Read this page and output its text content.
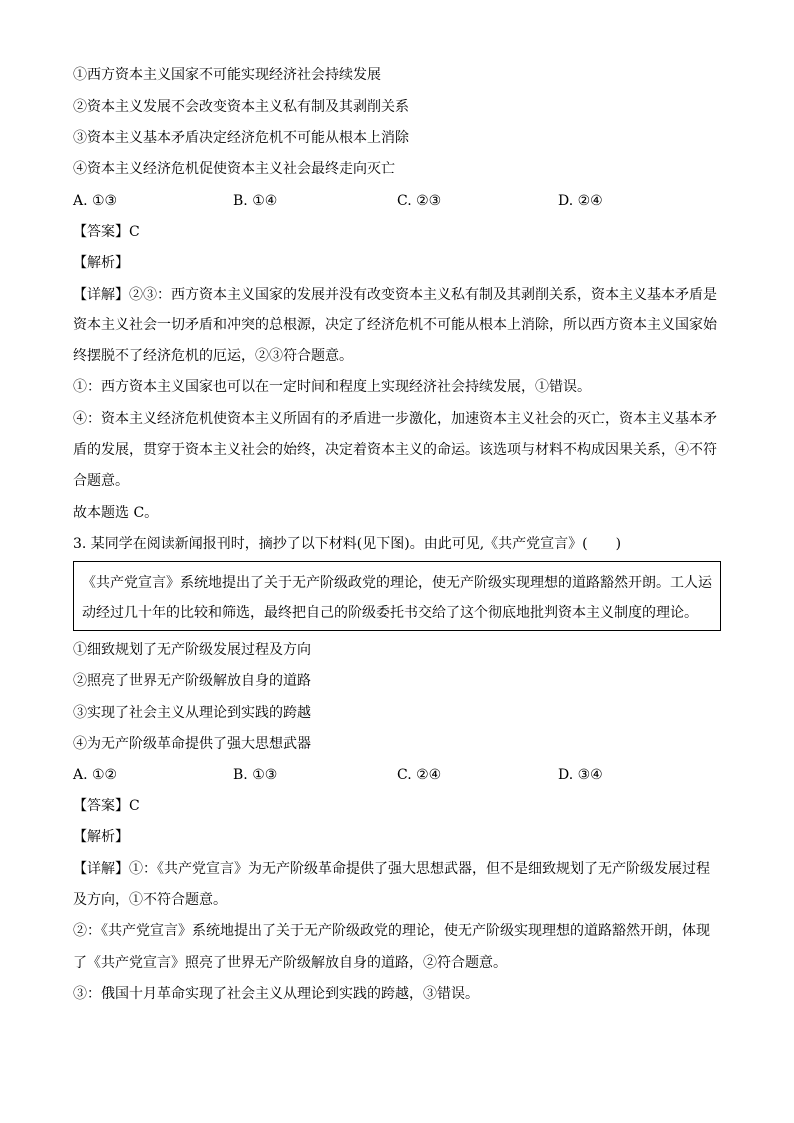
①西方资本主义国家不可能实现经济社会持续发展
②资本主义发展不会改变资本主义私有制及其剥削关系
③资本主义基本矛盾决定经济危机不可能从根本上消除
④资本主义经济危机促使资本主义社会最终走向灭亡
A. ①③	B. ①④	C. ②③	D. ②④
【答案】C
【解析】
【详解】②③：西方资本主义国家的发展并没有改变资本主义私有制及其剥削关系，资本主义基本矛盾是
资本主义社会一切矛盾和冲突的总根源，决定了经济危机不可能从根本上消除，所以西方资本主义国家始
终摆脱不了经济危机的厄运，②③符合题意。
①：西方资本主义国家也可以在一定时间和程度上实现经济社会持续发展，①错误。
④：资本主义经济危机使资本主义所固有的矛盾进一步激化，加速资本主义社会的灭亡，资本主义基本矛
盾的发展，贯穿于资本主义社会的始终，决定着资本主义的命运。该选项与材料不构成因果关系，④不符
合题意。
故本题选 C。
3. 某同学在阅读新闻报刊时，摘抄了以下材料(见下图)。由此可见,《共产党宣言》(　　)
《共产党宣言》系统地提出了关于无产阶级政党的理论，使无产阶级实现理想的道路豁然开朗。工人运
动经过几十年的比较和筛选，最终把自己的阶级委托书交给了这个彻底地批判资本主义制度的理论。
①细致规划了无产阶级发展过程及方向
②照亮了世界无产阶级解放自身的道路
③实现了社会主义从理论到实践的跨越
④为无产阶级革命提供了强大思想武器
A. ①②	B. ①③	C. ②④	D. ③④
【答案】C
【解析】
【详解】①：《共产党宣言》为无产阶级革命提供了强大思想武器，但不是细致规划了无产阶级发展过程
及方向，①不符合题意。
②：《共产党宣言》系统地提出了关于无产阶级政党的理论，使无产阶级实现理想的道路豁然开朗，体现
了《共产党宣言》照亮了世界无产阶级解放自身的道路，②符合题意。
③：俄国十月革命实现了社会主义从理论到实践的跨越，③错误。
